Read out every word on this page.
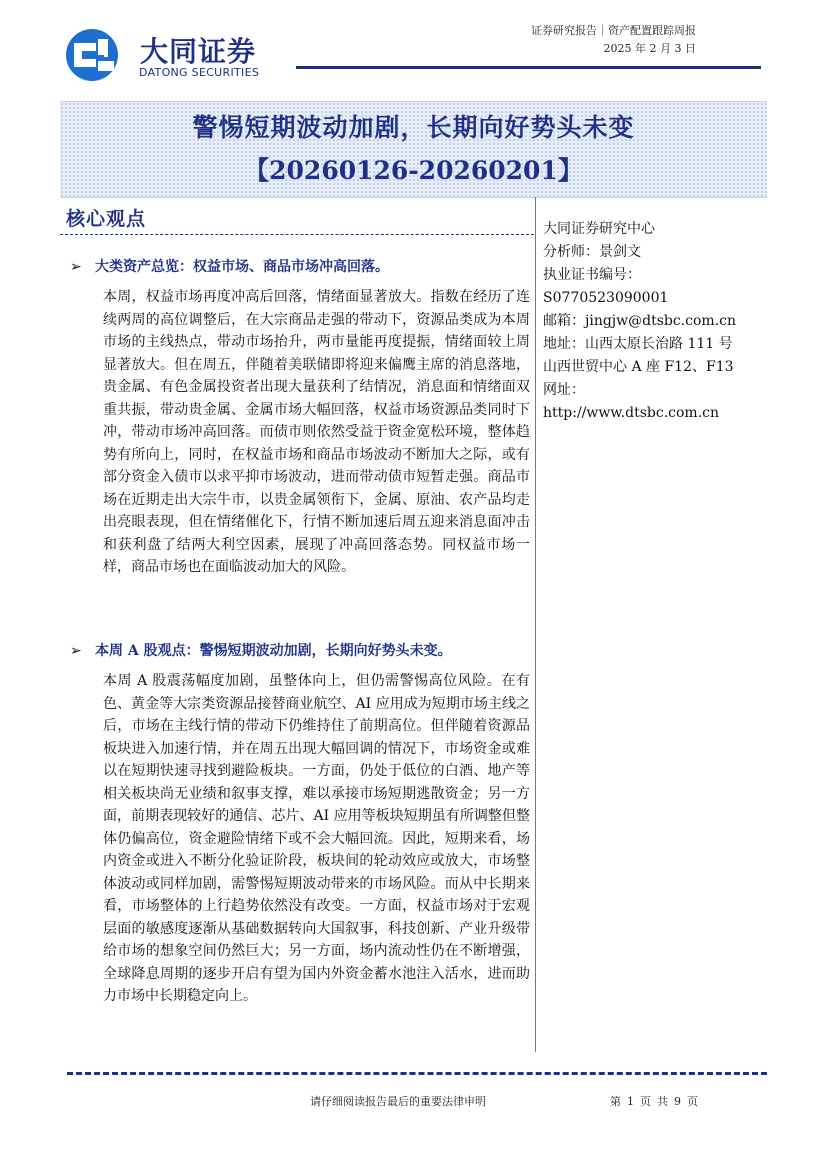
大同证券
DATONG SECURITIES
证券研究报告｜资产配置跟踪周报
2025 年 2 月 3 日
警惕短期波动加剧，长期向好势头未变
【20260126-20260201】
核心观点
➢ 大类资产总览：权益市场、商品市场冲高回落。
本周，权益市场再度冲高后回落，情绪面显著放大。指数在经历了连续两周的高位调整后，在大宗商品走强的带动下，资源品类成为本周市场的主线热点，带动市场抬升，两市量能再度提振，情绪面较上周显著放大。但在周五，伴随着美联储即将迎来偏鹰主席的消息落地，贵金属、有色金属投资者出现大量获利了结情况，消息面和情绪面双重共振，带动贵金属、金属市场大幅回落，权益市场资源品类同时下冲，带动市场冲高回落。而债市则依然受益于资金宽松环境，整体趋势有所向上，同时，在权益市场和商品市场波动不断加大之际，或有部分资金入债市以求平抑市场波动，进而带动债市短暂走强。商品市场在近期走出大宗牛市，以贵金属领衔下，金属、原油、农产品均走出亮眼表现，但在情绪催化下，行情不断加速后周五迎来消息面冲击和获利盘了结两大利空因素，展现了冲高回落态势。同权益市场一样，商品市场也在面临波动加大的风险。
➢ 本周 A 股观点：警惕短期波动加剧，长期向好势头未变。
本周 A 股震荡幅度加剧，虽整体向上，但仍需警惕高位风险。在有色、黄金等大宗类资源品接替商业航空、AI 应用成为短期市场主线之后，市场在主线行情的带动下仍维持住了前期高位。但伴随着资源品板块进入加速行情，并在周五出现大幅回调的情况下，市场资金或难以在短期快速寻找到避险板块。一方面，仍处于低位的白酒、地产等相关板块尚无业绩和叙事支撑，难以承接市场短期逃散资金；另一方面，前期表现较好的通信、芯片、AI 应用等板块短期虽有所调整但整体仍偏高位，资金避险情绪下或不会大幅回流。因此，短期来看，场内资金或进入不断分化验证阶段，板块间的轮动效应或放大，市场整体波动或同样加剧，需警惕短期波动带来的市场风险。而从中长期来看，市场整体的上行趋势依然没有改变。一方面，权益市场对于宏观层面的敏感度逐渐从基础数据转向大国叙事，科技创新、产业升级带给市场的想象空间仍然巨大；另一方面，场内流动性仍在不断增强，全球降息周期的逐步开启有望为国内外资金蓄水池注入活水，进而助力市场中长期稳定向上。
大同证券研究中心
分析师：景剑文
执业证书编号：
S0770523090001
邮箱：jingjw@dtsbc.com.cn
地址：山西太原长治路 111 号
山西世贸中心 A 座 F12、F13
网址：
http://www.dtsbc.com.cn
请仔细阅读报告最后的重要法律申明	第 1 页 共 9 页
